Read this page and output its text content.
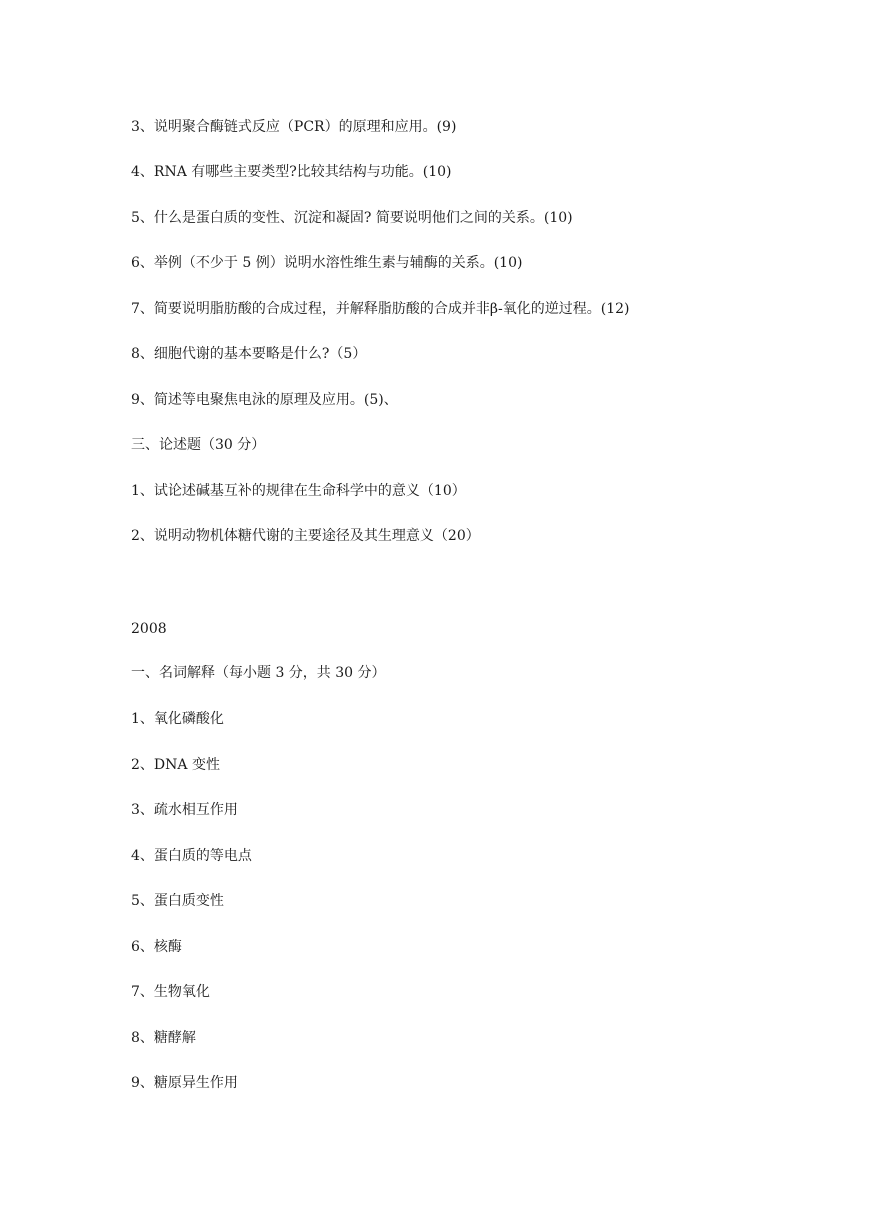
3、说明聚合酶链式反应（PCR）的原理和应用。(9)

4、RNA 有哪些主要类型?比较其结构与功能。(10)

5、什么是蛋白质的变性、沉淀和凝固? 简要说明他们之间的关系。(10)

6、举例（不少于 5 例）说明水溶性维生素与辅酶的关系。(10)

7、简要说明脂肪酸的合成过程，并解释脂肪酸的合成并非β-氧化的逆过程。(12)

8、细胞代谢的基本要略是什么?（5）

9、简述等电聚焦电泳的原理及应用。(5)、

三、论述题（30 分）

1、试论述碱基互补的规律在生命科学中的意义（10）

2、说明动物机体糖代谢的主要途径及其生理意义（20）

2008

一、名词解释（每小题 3 分，共 30 分）

1、氧化磷酸化

2、DNA 变性

3、疏水相互作用

4、蛋白质的等电点

5、蛋白质变性

6、核酶

7、生物氧化

8、糖酵解

9、糖原异生作用
